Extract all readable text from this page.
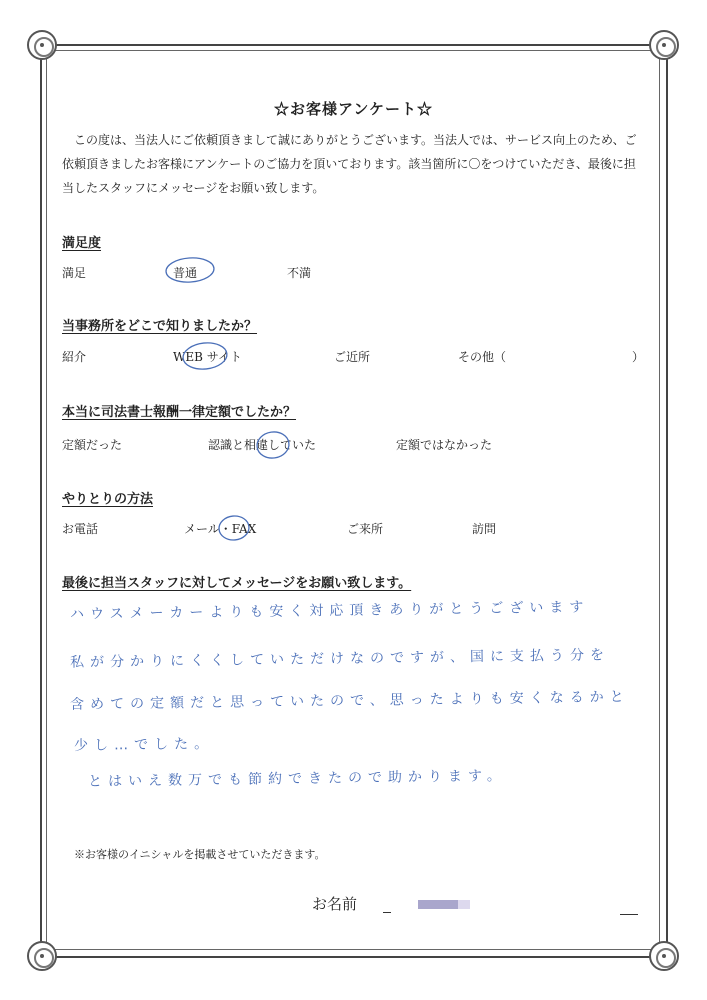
☆お客様アンケート☆
この度は、当法人にご依頼頂きまして誠にありがとうございます。当法人では、サービス向上のため、ご依頼頂きましたお客様にアンケートのご協力を頂いております。該当箇所に〇をつけていただき、最後に担当したスタッフにメッセージをお願い致します。
満足度
満足	普通	不満
当事務所をどこで知りましたか？
紹介	WEB サイト	ご近所	その他（	）
本当に司法書士報酬一律定額でしたか？
定額だった	認識と相違していた	定額ではなかった
やりとりの方法
お電話	メール・FAX	ご来所	訪問
最後に担当スタッフに対してメッセージをお願い致します。
ハウスメーカーよりも安く対応頂きありがとうございます
私が分かりにくくしていただけなのですが、国に支払う分を
含めての定額だと思っていたので、思ったよりも安くなるかと
少し…でした。
とはいえ数万でも節約できたので助かります。
※お客様のイニシャルを掲載させていただきます。
お名前
